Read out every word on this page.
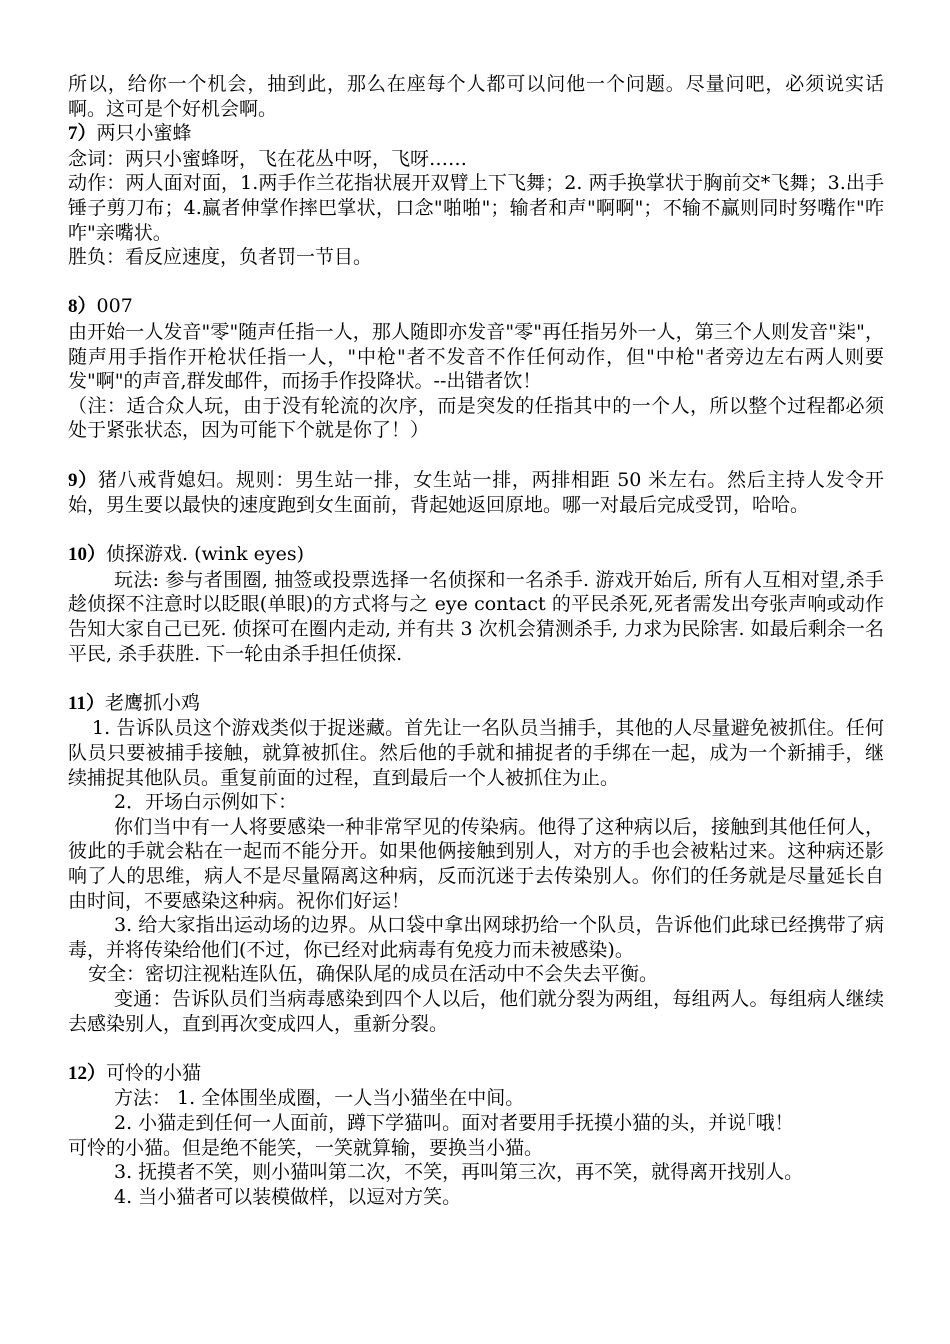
所以，给你一个机会，抽到此，那么在座每个人都可以问他一个问题。尽量问吧，必须说实话啊。这可是个好机会啊。

7）两只小蜜蜂

念词：两只小蜜蜂呀，飞在花丛中呀，飞呀……

动作：两人面对面，1.两手作兰花指状展开双臂上下飞舞；2. 两手换掌状于胸前交*飞舞；3.出手锤子剪刀布；4.赢者伸掌作摔巴掌状，口念"啪啪"；输者和声"啊啊"；不输不赢则同时努嘴作"咋咋"亲嘴状。

胜负：看反应速度，负者罚一节目。

8）007

由开始一人发音"零"随声任指一人，那人随即亦发音"零"再任指另外一人，第三个人则发音"柒"，随声用手指作开枪状任指一人，"中枪"者不发音不作任何动作，但"中枪"者旁边左右两人则要发"啊"的声音,群发邮件，而扬手作投降状。--出错者饮！

（注：适合众人玩，由于没有轮流的次序，而是突发的任指其中的一个人，所以整个过程都必须处于紧张状态，因为可能下个就是你了！）

9）猪八戒背媳妇。规则：男生站一排，女生站一排，两排相距 50 米左右。然后主持人发令开始，男生要以最快的速度跑到女生面前，背起她返回原地。哪一对最后完成受罚，哈哈。

10）侦探游戏. (wink eyes)

玩法: 参与者围圈, 抽签或投票选择一名侦探和一名杀手. 游戏开始后, 所有人互相对望,杀手趁侦探不注意时以眨眼(单眼)的方式将与之 eye contact 的平民杀死,死者需发出夸张声响或动作告知大家自己已死. 侦探可在圈内走动, 并有共 3 次机会猜测杀手, 力求为民除害. 如最后剩余一名平民, 杀手获胜. 下一轮由杀手担任侦探.

11）老鹰抓小鸡

1. 告诉队员这个游戏类似于捉迷藏。首先让一名队员当捕手，其他的人尽量避免被抓住。任何队员只要被捕手接触，就算被抓住。然后他的手就和捕捉者的手绑在一起，成为一个新捕手，继续捕捉其他队员。重复前面的过程，直到最后一个人被抓住为止。

2．开场白示例如下：

你们当中有一人将要感染一种非常罕见的传染病。他得了这种病以后，接触到其他任何人，彼此的手就会粘在一起而不能分开。如果他俩接触到别人，对方的手也会被粘过来。这种病还影响了人的思维，病人不是尽量隔离这种病，反而沉迷于去传染别人。你们的任务就是尽量延长自由时间，不要感染这种病。祝你们好运！

3. 给大家指出运动场的边界。从口袋中拿出网球扔给一个队员，告诉他们此球已经携带了病毒，并将传染给他们(不过，你已经对此病毒有免疫力而未被感染)。

安全：密切注视粘连队伍，确保队尾的成员在活动中不会失去平衡。

变通：告诉队员们当病毒感染到四个人以后，他们就分裂为两组，每组两人。每组病人继续去感染别人，直到再次变成四人，重新分裂。

12）可怜的小猫

方法： 1. 全体围坐成圈，一人当小猫坐在中间。

2. 小猫走到任何一人面前，蹲下学猫叫。面对者要用手抚摸小猫的头，并说｢哦！

可怜的小猫。但是绝不能笑，一笑就算输，要换当小猫。

3. 抚摸者不笑，则小猫叫第二次，不笑，再叫第三次，再不笑，就得离开找别人。

4. 当小猫者可以装模做样，以逗对方笑。
